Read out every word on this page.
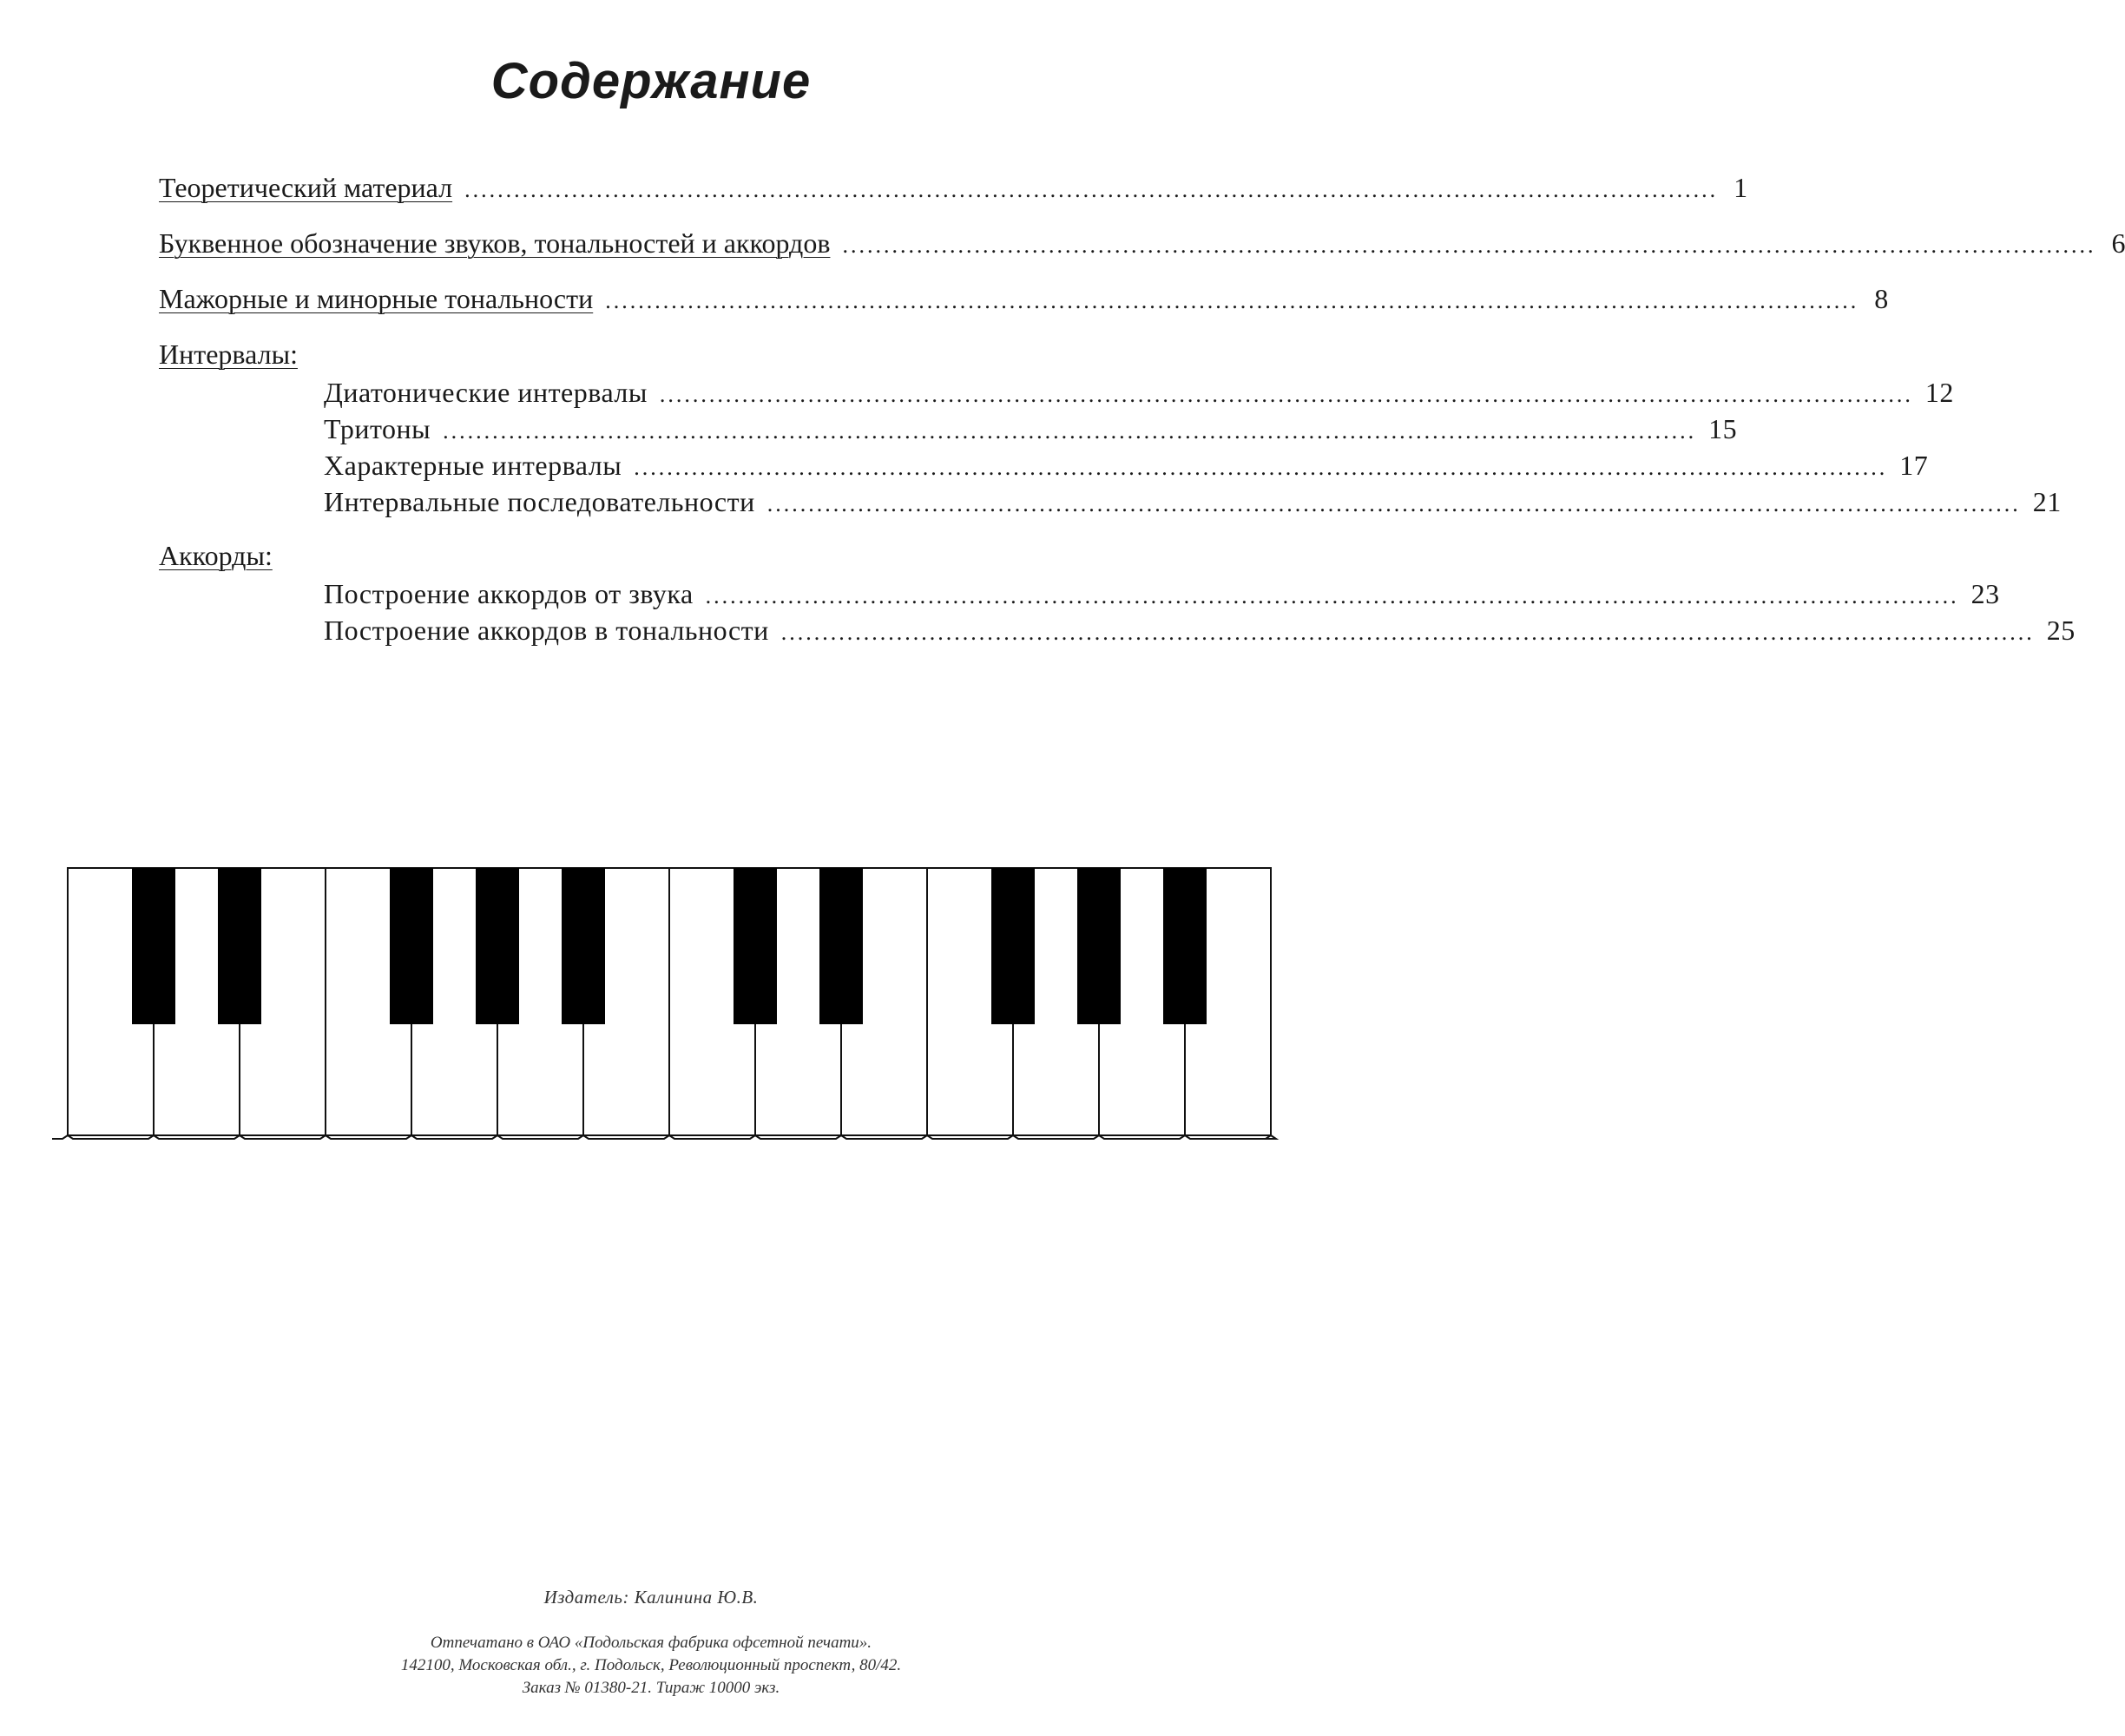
Содержание
Теоретический материал ........................................................................................................................................................ 1
Буквенное обозначение звуков, тональностей и аккордов ........................................................................................................................................................ 6
Мажорные и минорные тональности ........................................................................................................................................................ 8
Интервалы:
Диатонические интервалы ........................................................................................................................................................ 12
Тритоны ........................................................................................................................................................ 15
Характерные интервалы ........................................................................................................................................................ 17
Интервальные последовательности ........................................................................................................................................................ 21
Аккорды:
Построение аккордов от звука ........................................................................................................................................................ 23
Построение аккордов в тональности ........................................................................................................................................................ 25
Издатель: Калинина Ю.В.
Отпечатано в ОАО «Подольская фабрика офсетной печати».
142100, Московская обл., г. Подольск, Революционный проспект, 80/42.
Заказ № 01380-21. Тираж 10000 экз.
